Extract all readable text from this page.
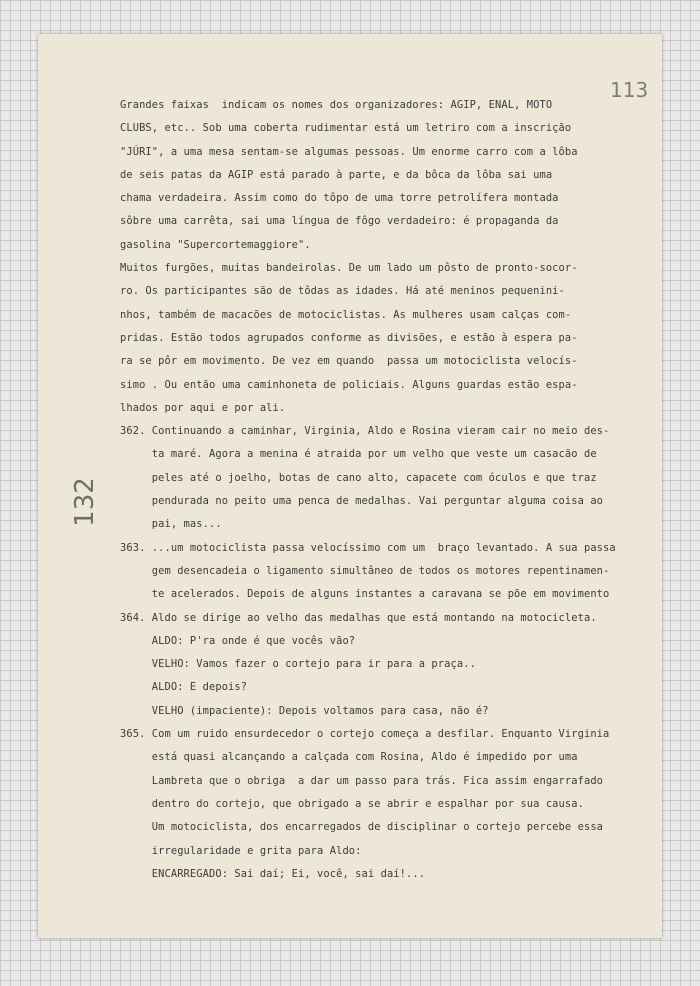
113
132
Grandes faixas  indicam os nomes dos organizadores: AGIP, ENAL, MOTO
CLUBS, etc.. Sob uma coberta rudimentar está um letriro com a inscrição
"JÚRI", a uma mesa sentam-se algumas pessoas. Um enorme carro com a lôba
de seis patas da AGIP está parado à parte, e da bôca da lôba sai uma
chama verdadeira. Assim como do tôpo de uma torre petrolífera montada
sôbre uma carrêta, sai uma língua de fôgo verdadeiro: é propaganda da
gasolina "Supercortemaggiore".
Muitos furgões, muitas bandeirolas. De um lado um pôsto de pronto-socor-
ro. Os participantes são de tôdas as idades. Há até meninos pequenini-
nhos, também de macacões de motociclistas. As mulheres usam calças com-
pridas. Estão todos agrupados conforme as divisões, e estão à espera pa-
ra se pôr em movimento. De vez em quando  passa um motociclista velocís-
simo . Ou então uma caminhoneta de policiais. Alguns guardas estão espa-
lhados por aqui e por ali.
362. Continuando a caminhar, Virginia, Aldo e Rosina vieram cair no meio des-
ta maré. Agora a menina é atraida por um velho que veste um casacão de
peles até o joelho, botas de cano alto, capacete com óculos e que traz
pendurada no peito uma penca de medalhas. Vai perguntar alguma coisa ao
pai, mas...
363. ...um motociclista passa velocíssimo com um  braço levantado. A sua passa
gem desencadeia o ligamento simultâneo de todos os motores repentinamen-
te acelerados. Depois de alguns instantes a caravana se põe em movimento
364. Aldo se dirige ao velho das medalhas que está montando na motocicleta.
ALDO: P'ra onde é que vocês vão?
VELHO: Vamos fazer o cortejo para ir para a praça..
ALDO: E depois?
VELHO (impaciente): Depois voltamos para casa, não é?
365. Com um ruido ensurdecedor o cortejo começa a desfilar. Enquanto Virginia
está quasi alcançando a calçada com Rosina, Aldo é impedido por uma
Lambreta que o obriga  a dar um passo para trás. Fica assim engarrafado
dentro do cortejo, que obrigado a se abrir e espalhar por sua causa.
Um motociclista, dos encarregados de disciplinar o cortejo percebe essa
irregularidade e grita para Aldo:
ENCARREGADO: Sai daí; Ei, você, sai daí!...
